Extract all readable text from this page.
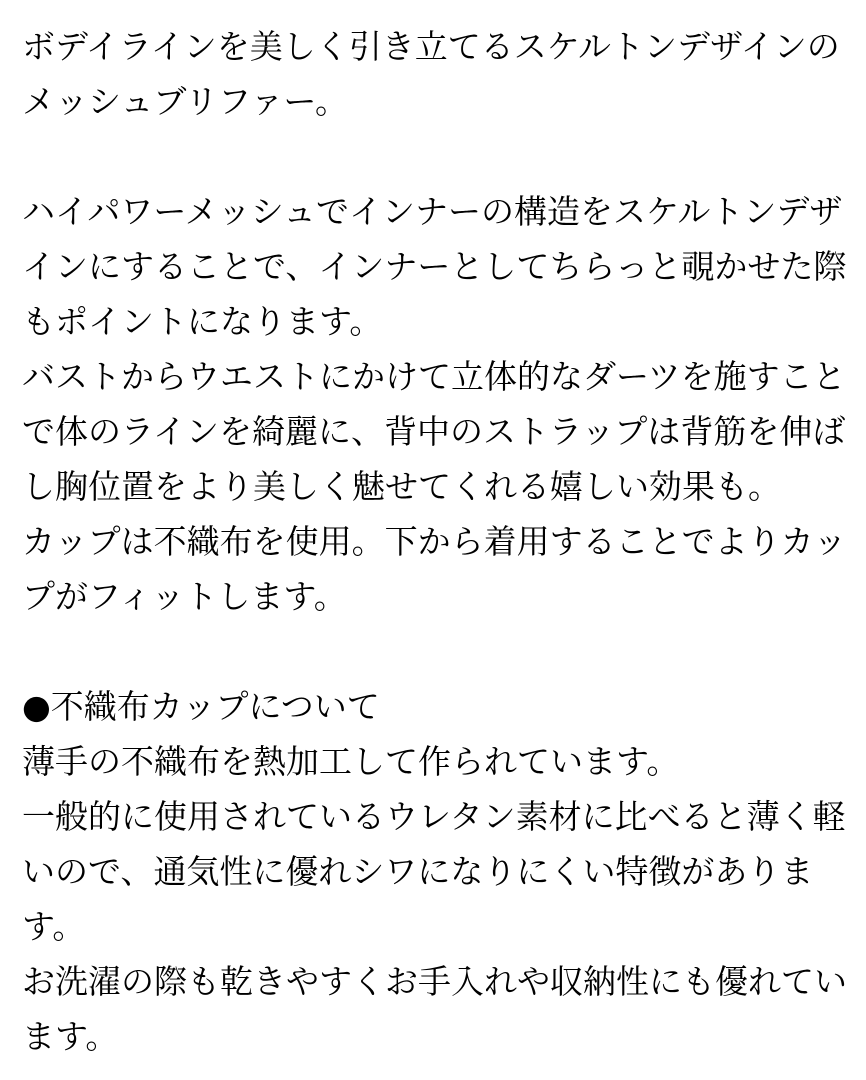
ボデイラインを美しく引き立てるスケルトンデザインのメッシュブリファー。

ハイパワーメッシュでインナーの構造をスケルトンデザインにすることで、インナーとしてちらっと覗かせた際もポイントになります。

バストからウエストにかけて立体的なダーツを施すことで体のラインを綺麗に、背中のストラップは背筋を伸ばし胸位置をより美しく魅せてくれる嬉しい効果も。

カップは不織布を使用。下から着用することでよりカップがフィットします。

●不織布カップについて

薄手の不織布を熱加工して作られています。

一般的に使用されているウレタン素材に比べると薄く軽いので、通気性に優れシワになりにくい特徴があります。

お洗濯の際も乾きやすくお手入れや収納性にも優れています。
